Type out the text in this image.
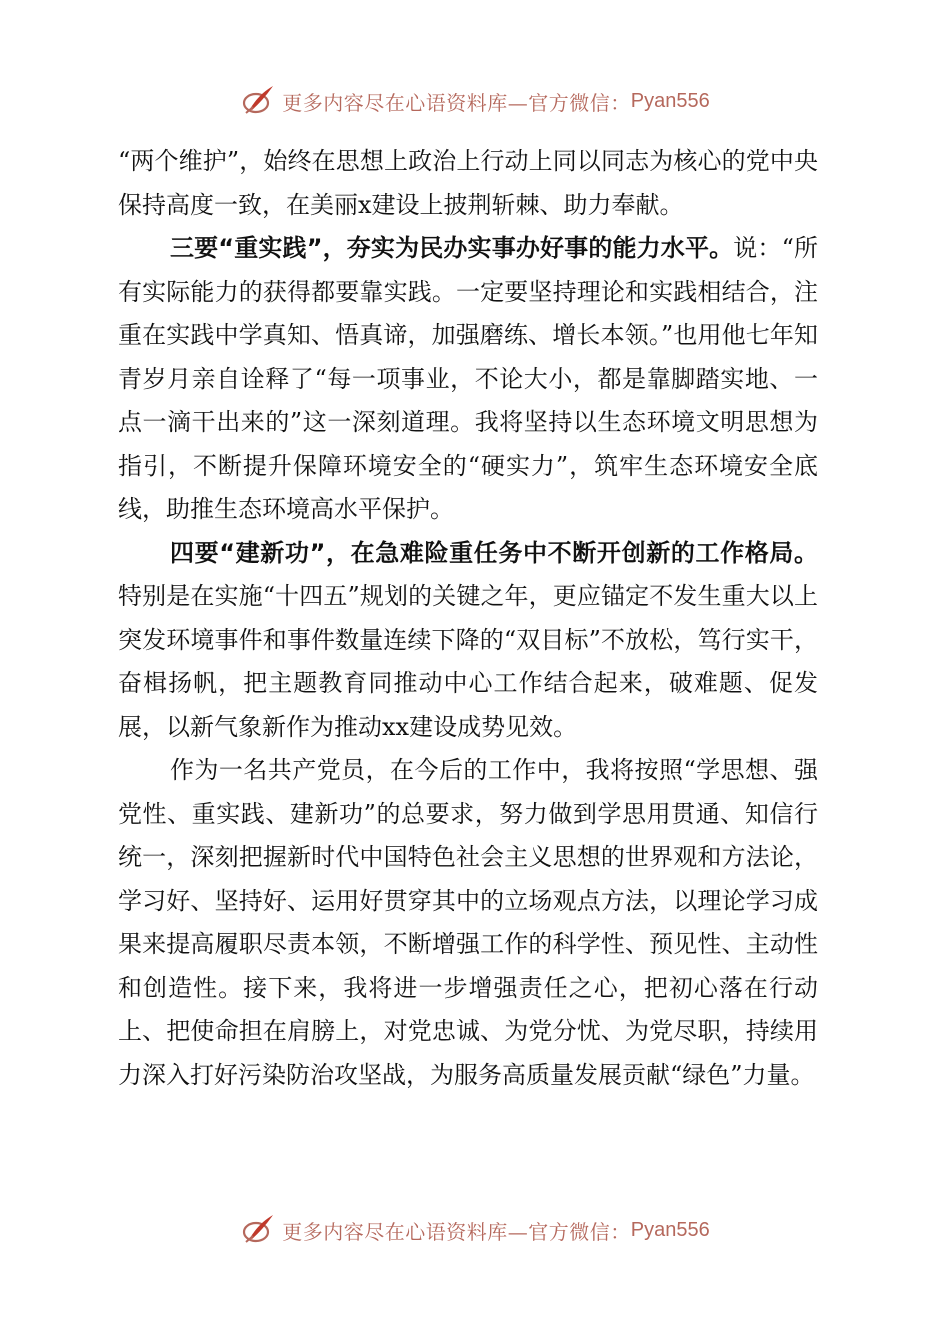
更多内容尽在心语资料库—官方微信： Pyan556

“两个维护”，始终在思想上政治上行动上同以同志为核心的党中央保持高度一致，在美丽x建设上披荆斩棘、助力奉献。

三要“重实践”，夯实为民办实事办好事的能力水平。说：“所有实际能力的获得都要靠实践。一定要坚持理论和实践相结合，注重在实践中学真知、悟真谛，加强磨练、增长本领。”也用他七年知青岁月亲自诠释了“每一项事业，不论大小，都是靠脚踏实地、一点一滴干出来的”这一深刻道理。我将坚持以生态环境文明思想为指引，不断提升保障环境安全的“硬实力”，筑牢生态环境安全底线，助推生态环境高水平保护。

四要“建新功”，在急难险重任务中不断开创新的工作格局。特别是在实施“十四五”规划的关键之年，更应锚定不发生重大以上突发环境事件和事件数量连续下降的“双目标”不放松，笃行实干，奋楫扬帆，把主题教育同推动中心工作结合起来，破难题、促发展，以新气象新作为推动xx建设成势见效。

作为一名共产党员，在今后的工作中，我将按照“学思想、强党性、重实践、建新功”的总要求，努力做到学思用贯通、知信行统一，深刻把握新时代中国特色社会主义思想的世界观和方法论，学习好、坚持好、运用好贯穿其中的立场观点方法，以理论学习成果来提高履职尽责本领，不断增强工作的科学性、预见性、主动性和创造性。接下来，我将进一步增强责任之心，把初心落在行动上、把使命担在肩膀上，对党忠诚、为党分忧、为党尽职，持续用力深入打好污染防治攻坚战，为服务高质量发展贡献“绿色”力量。

更多内容尽在心语资料库—官方微信： Pyan556
